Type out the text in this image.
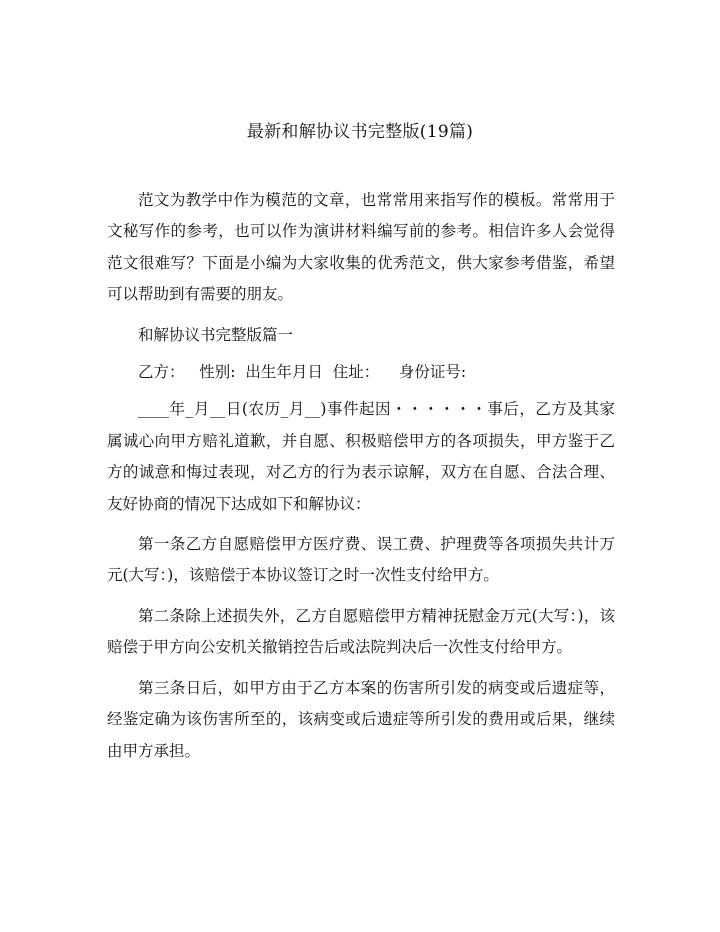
最新和解协议书完整版(19篇)

范文为教学中作为模范的文章，也常常用来指写作的模板。常常用于文秘写作的参考，也可以作为演讲材料编写前的参考。相信许多人会觉得范文很难写？下面是小编为大家收集的优秀范文，供大家参考借鉴，希望可以帮助到有需要的朋友。

和解协议书完整版篇一

乙方：   性别:  出生年月日  住址：    身份证号:

____年_月__日(农历_月__)事件起因・・・・・・事后，乙方及其家属诚心向甲方赔礼道歉，并自愿、积极赔偿甲方的各项损失，甲方鉴于乙方的诚意和悔过表现，对乙方的行为表示谅解，双方在自愿、合法合理、友好协商的情况下达成如下和解协议：

第一条乙方自愿赔偿甲方医疗费、误工费、护理费等各项损失共计万元(大写：)，该赔偿于本协议签订之时一次性支付给甲方。

第二条除上述损失外，乙方自愿赔偿甲方精神抚慰金万元(大写：)，该赔偿于甲方向公安机关撤销控告后或法院判决后一次性支付给甲方。

第三条日后，如甲方由于乙方本案的伤害所引发的病变或后遗症等，经鉴定确为该伤害所至的，该病变或后遗症等所引发的费用或后果，继续由甲方承担。
